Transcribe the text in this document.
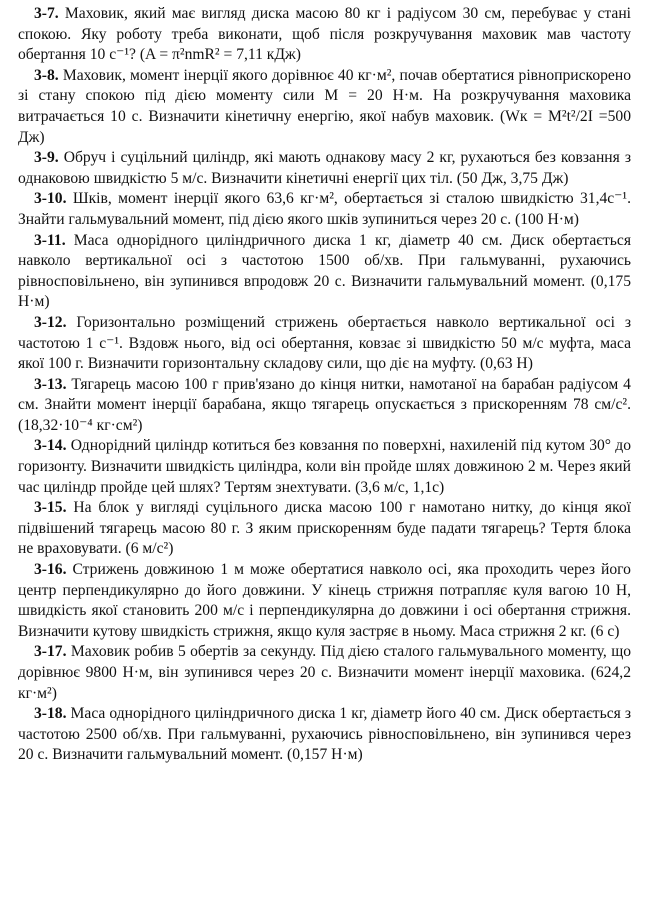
3-7. Маховик, який має вигляд диска масою 80 кг і радіусом 30 см, перебуває у стані спокою. Яку роботу треба виконати, щоб після розкручування маховик мав частоту обертання 10 с⁻¹? (A = π²nmR² = 7,11 кДж)

3-8. Маховик, момент інерції якого дорівнює 40 кг·м², почав обертатися рівноприскорено зі стану спокою під дією моменту сили M = 20 Н·м. На розкручування маховика витрачається 10 с. Визначити кінетичну енергію, якої набув маховик. (Wк = M²t²/2I =500 Дж)

3-9. Обруч і суцільний циліндр, які мають однакову масу 2 кг, рухаються без ковзання з однаковою швидкістю 5 м/с. Визначити кінетичні енергії цих тіл. (50 Дж, 3,75 Дж)

3-10. Шків, момент інерції якого 63,6 кг·м², обертається зі сталою швидкістю 31,4с⁻¹. Знайти гальмувальний момент, під дією якого шків зупиниться через 20 с. (100 Н·м)

3-11. Маса однорідного циліндричного диска 1 кг, діаметр 40 см. Диск обертається навколо вертикальної осі з частотою 1500 об/хв. При гальмуванні, рухаючись рівносповільнено, він зупинився впродовж 20 с. Визначити гальмувальний момент. (0,175 Н·м)

3-12. Горизонтально розміщений стрижень обертається навколо вертикальної осі з частотою 1 с⁻¹. Вздовж нього, від осі обертання, ковзає зі швидкістю 50 м/с муфта, маса якої 100 г. Визначити горизонтальну складову сили, що діє на муфту. (0,63 Н)

3-13. Тягарець масою 100 г прив'язано до кінця нитки, намотаної на барабан радіусом 4 см. Знайти момент інерції барабана, якщо тягарець опускається з прискоренням 78 см/с². (18,32·10⁻⁴ кг·см²)

3-14. Однорідний циліндр котиться без ковзання по поверхні, нахиленій під кутом 30° до горизонту. Визначити швидкість циліндра, коли він пройде шлях довжиною 2 м. Через який час циліндр пройде цей шлях? Тертям знехтувати. (3,6 м/с, 1,1с)

3-15. На блок у вигляді суцільного диска масою 100 г намотано нитку, до кінця якої підвішений тягарець масою 80 г. З яким прискоренням буде падати тягарець? Тертя блока не враховувати. (6 м/с²)

3-16. Стрижень довжиною 1 м може обертатися навколо осі, яка проходить через його центр перпендикулярно до його довжини. У кінець стрижня потрапляє куля вагою 10 Н, швидкість якої становить 200 м/с і перпендикулярна до довжини і осі обертання стрижня. Визначити кутову швидкість стрижня, якщо куля застряє в ньому. Маса стрижня 2 кг. (6 с)

3-17. Маховик робив 5 обертів за секунду. Під дією сталого гальмувального моменту, що дорівнює 9800 Н·м, він зупинився через 20 с. Визначити момент інерції маховика. (624,2 кг·м²)

3-18. Маса однорідного циліндричного диска 1 кг, діаметр його 40 см. Диск обертається з частотою 2500 об/хв. При гальмуванні, рухаючись рівносповільнено, він зупинився через 20 с. Визначити гальмувальний момент. (0,157 Н·м)
